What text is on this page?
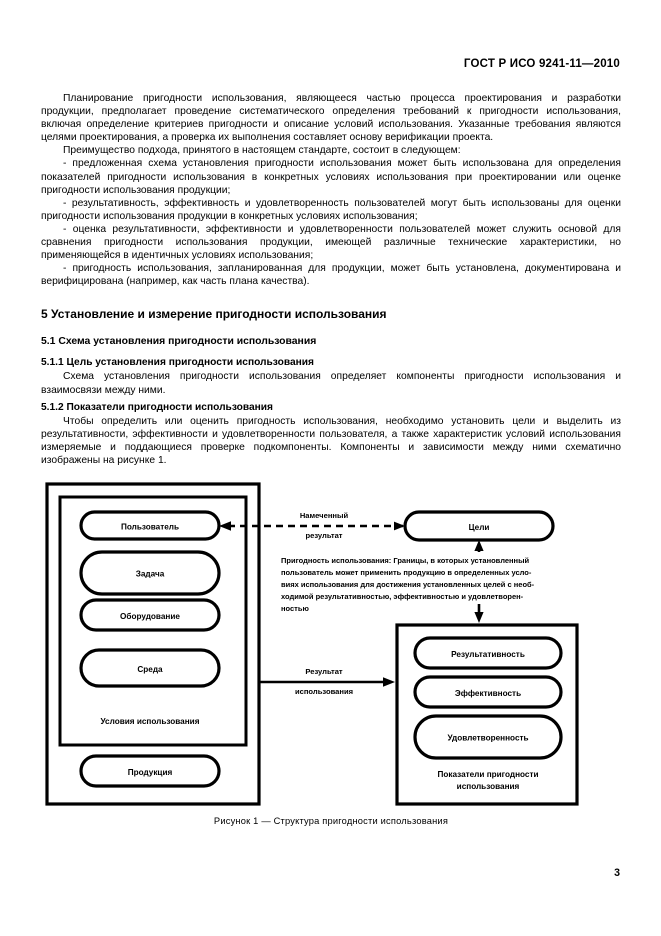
ГОСТ Р ИСО 9241-11—2010

Планирование пригодности использования, являющееся частью процесса проектирования и разработки продукции, предполагает проведение систематического определения требований к пригодности использования, включая определение критериев пригодности и описание условий использования. Указанные требования являются целями проектирования, а проверка их выполнения составляет основу верификации проекта.

Преимущество подхода, принятого в настоящем стандарте, состоит в следующем:

- предложенная схема установления пригодности использования может быть использована для определения показателей пригодности использования в конкретных условиях использования при проектировании или оценке пригодности использования продукции;

- результативность, эффективность и удовлетворенность пользователей могут быть использованы для оценки пригодности использования продукции в конкретных условиях использования;

- оценка результативности, эффективности и удовлетворенности пользователей может служить основой для сравнения пригодности использования продукции, имеющей различные технические характеристики, но применяющейся в идентичных условиях использования;

- пригодность использования, запланированная для продукции, может быть установлена, документирована и верифицирована (например, как часть плана качества).

5 Установление и измерение пригодности использования
5.1 Схема установления пригодности использования
5.1.1 Цель установления пригодности использования

Схема установления пригодности использования определяет компоненты пригодности использования и взаимосвязи между ними.

5.1.2 Показатели пригодности использования

Чтобы определить или оценить пригодность использования, необходимо установить цели и выделить из результативности, эффективности и удовлетворенности пользователя, а также характеристик условий использования измеряемые и поддающиеся проверке подкомпоненты. Компоненты и зависимости между ними схематично изображены на рисунке 1.

Пользователь
Задача
Оборудование
Среда
Условия использования
Продукция
Цели
Намеченный
результат
Пригодность использования: Границы, в которых установленный
пользователь может применить продукцию в определенных усло-
виях использования для достижения установленных целей с необ-
ходимой результативностью, эффективностью и удовлетворен-
ностью
Результативность
Эффективность
Удовлетворенность
Показатели пригодности
использования
Результат
использования
Рисунок 1 — Структура пригодности использования
3
